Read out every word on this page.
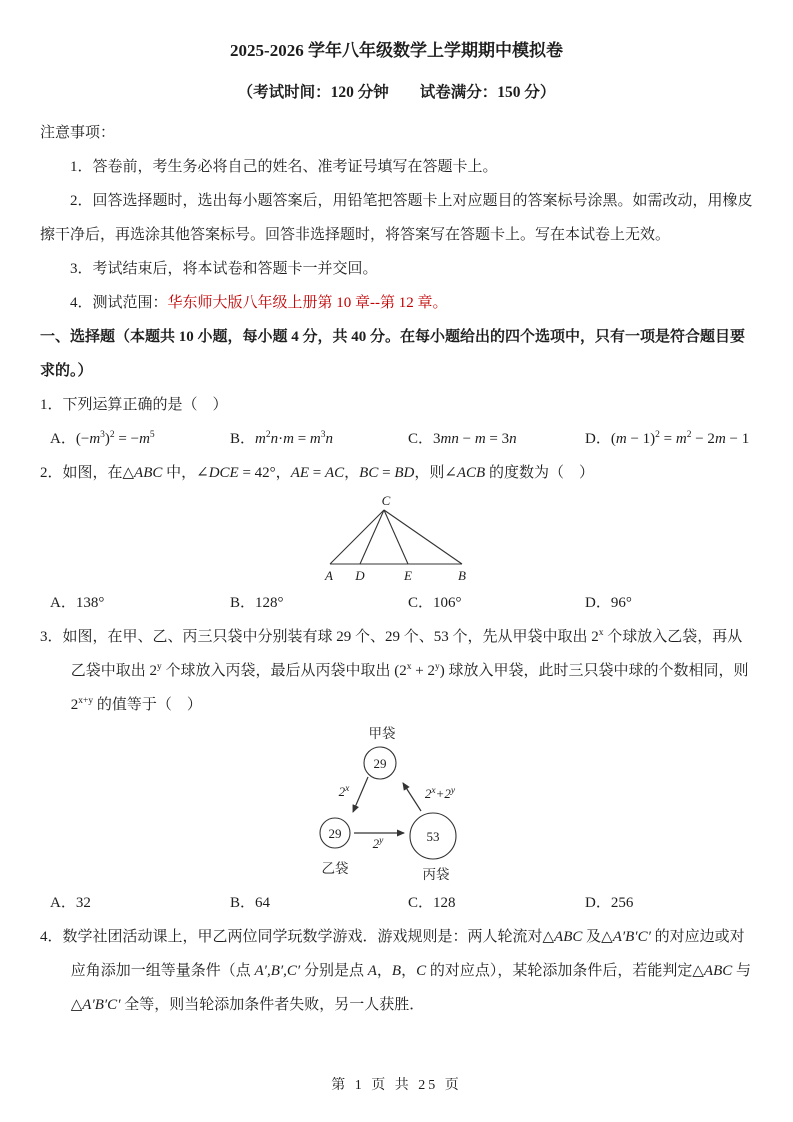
2025-2026 学年八年级数学上学期期中模拟卷
（考试时间：120 分钟　　试卷满分：150 分）

注意事项：

1．答卷前，考生务必将自己的姓名、准考证号填写在答题卡上。

2．回答选择题时，选出每小题答案后，用铅笔把答题卡上对应题目的答案标号涂黑。如需改动，用橡皮擦干净后，再选涂其他答案标号。回答非选择题时，将答案写在答题卡上。写在本试卷上无效。

3．考试结束后，将本试卷和答题卡一并交回。

4．测试范围：华东师大版八年级上册第 10 章--第 12 章。

一、选择题（本题共 10 小题，每小题 4 分，共 40 分。在每小题给出的四个选项中，只有一项是符合题目要求的。）

1．下列运算正确的是（　）

A．$(-m^3)^2 = -m^5$	B．$m^2n\cdot m = m^3n$	C．3mn − m = 3n	D．$(m - 1)^2 = m^2 - 2m - 1$

2．如图，在△ABC 中，∠DCE = 42°，AE = AC，BC = BD，则∠ACB 的度数为（　）

C
A D	E	B
A．138°	B．128°	C．106°	D．96°

3．如图，在甲、乙、丙三只袋中分别装有球 29 个、29 个、53 个，先从甲袋中取出 2$^x$ 个球放入乙袋，再从乙袋中取出 2$^y$ 个球放入丙袋，最后从丙袋中取出 $(2^x + 2^y)$ 球放入甲袋，此时三只袋中球的个数相同，则 $2^{x+y}$ 的值等于（　）

甲袋
29
29
乙袋
53
丙袋
2$^x$
2$^y$
$2^x+2^y$
A．32	B．64	C．128	D．256

4．数学社团活动课上，甲乙两位同学玩数学游戏．游戏规则是：两人轮流对△ABC 及△A′B′C′ 的对应边或对应角添加一组等量条件（点 A′,B′,C′ 分别是点 A，B，C 的对应点），某轮添加条件后，若能判定△ABC 与△A′B′C′ 全等，则当轮添加条件者失败，另一人获胜．

第 1 页 共 25 页
